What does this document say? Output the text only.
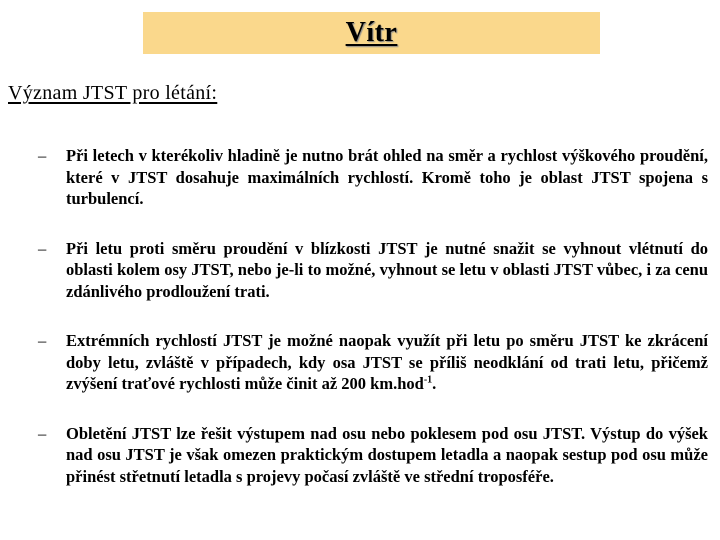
Vítr
Význam JTST pro létání:
– Při letech v kterékoliv hladině je nutno brát ohled na směr a rychlost výškového proudění, které v JTST dosahuje maximálních rychlostí. Kromě toho je oblast JTST spojena s turbulencí.
– Při letu proti směru proudění v blízkosti JTST je nutné snažit se vyhnout vlétnutí do oblasti kolem osy JTST, nebo je-li to možné, vyhnout se letu v oblasti JTST vůbec, i za cenu zdánlivého prodloužení trati.
– Extrémních rychlostí JTST je možné naopak využít při letu po směru JTST ke zkrácení doby letu, zvláště v případech, kdy osa JTST se příliš neodklání od trati letu, přičemž zvýšení traťové rychlosti může činit až 200 km.hod$^{-1}$.
– Obletění JTST lze řešit výstupem nad osu nebo poklesem pod osu JTST. Výstup do výšek nad osu JTST je však omezen praktickým dostupem letadla a naopak sestup pod osu může přinést střetnutí letadla s projevy počasí zvláště ve střední troposféře.
